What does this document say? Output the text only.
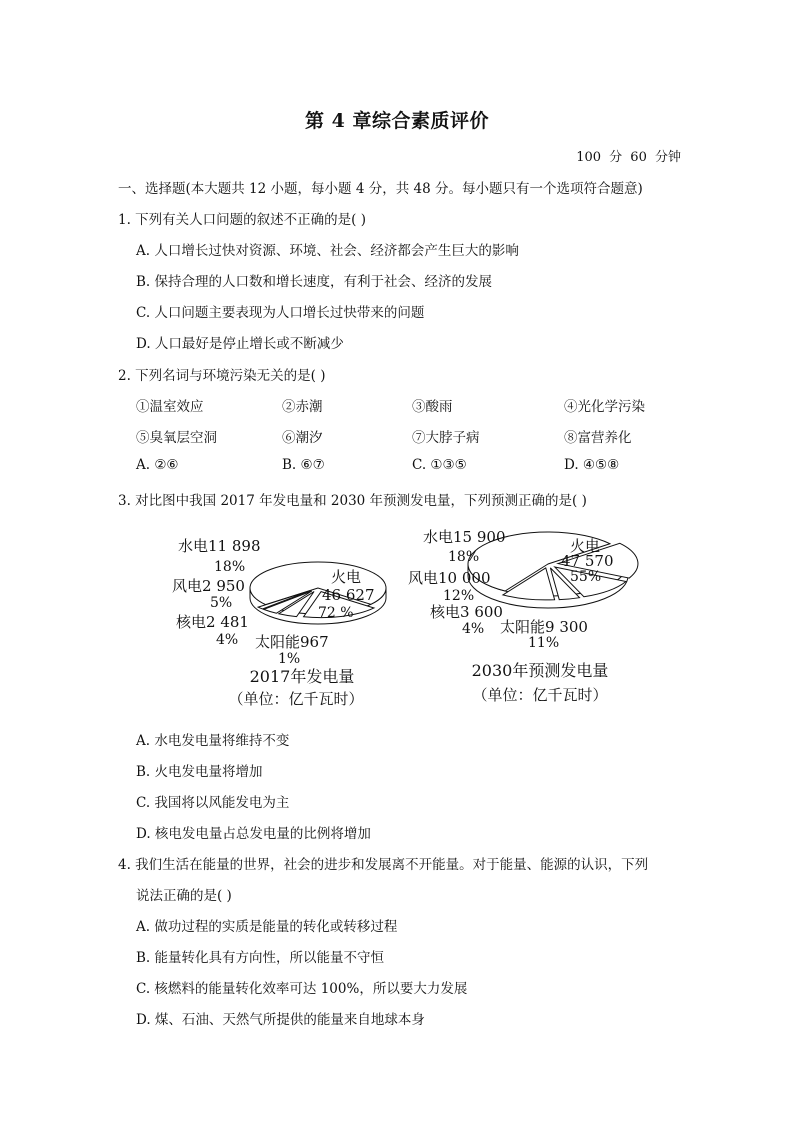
第 4 章综合素质评价
100 分 60 分钟
一、选择题(本大题共 12 小题，每小题 4 分，共 48 分。每小题只有一个选项符合题意)
1. 下列有关人口问题的叙述不正确的是( )
A. 人口增长过快对资源、环境、社会、经济都会产生巨大的影响
B. 保持合理的人口数和增长速度，有利于社会、经济的发展
C. 人口问题主要表现为人口增长过快带来的问题
D. 人口最好是停止增长或不断减少
2. 下列名词与环境污染无关的是( )
①温室效应	②赤潮	③酸雨	④光化学污染
⑤臭氧层空洞	⑥潮汐	⑦大脖子病	⑧富营养化
A. ②⑥	B. ⑥⑦	C. ①③⑤	D. ④⑤⑧
3. 对比图中我国 2017 年发电量和 2030 年预测发电量，下列预测正确的是( )
水电11 898
18%
风电2 950
5%
核电2 481
4% 太阳能967
1%
火电
46 627
72 %
水电15 900
18%
风电10 000
12%
核电3 600
4% 太阳能9 300
11%
火电
47 570
55%
2017年发电量
（单位：亿千瓦时）
2030年预测发电量
（单位：亿千瓦时）
A. 水电发电量将维持不变
B. 火电发电量将增加
C. 我国将以风能发电为主
D. 核电发电量占总发电量的比例将增加
4. 我们生活在能量的世界，社会的进步和发展离不开能量。对于能量、能源的认识，下列
说法正确的是( )
A. 做功过程的实质是能量的转化或转移过程
B. 能量转化具有方向性，所以能量不守恒
C. 核燃料的能量转化效率可达 100%，所以要大力发展
D. 煤、石油、天然气所提供的能量来自地球本身
